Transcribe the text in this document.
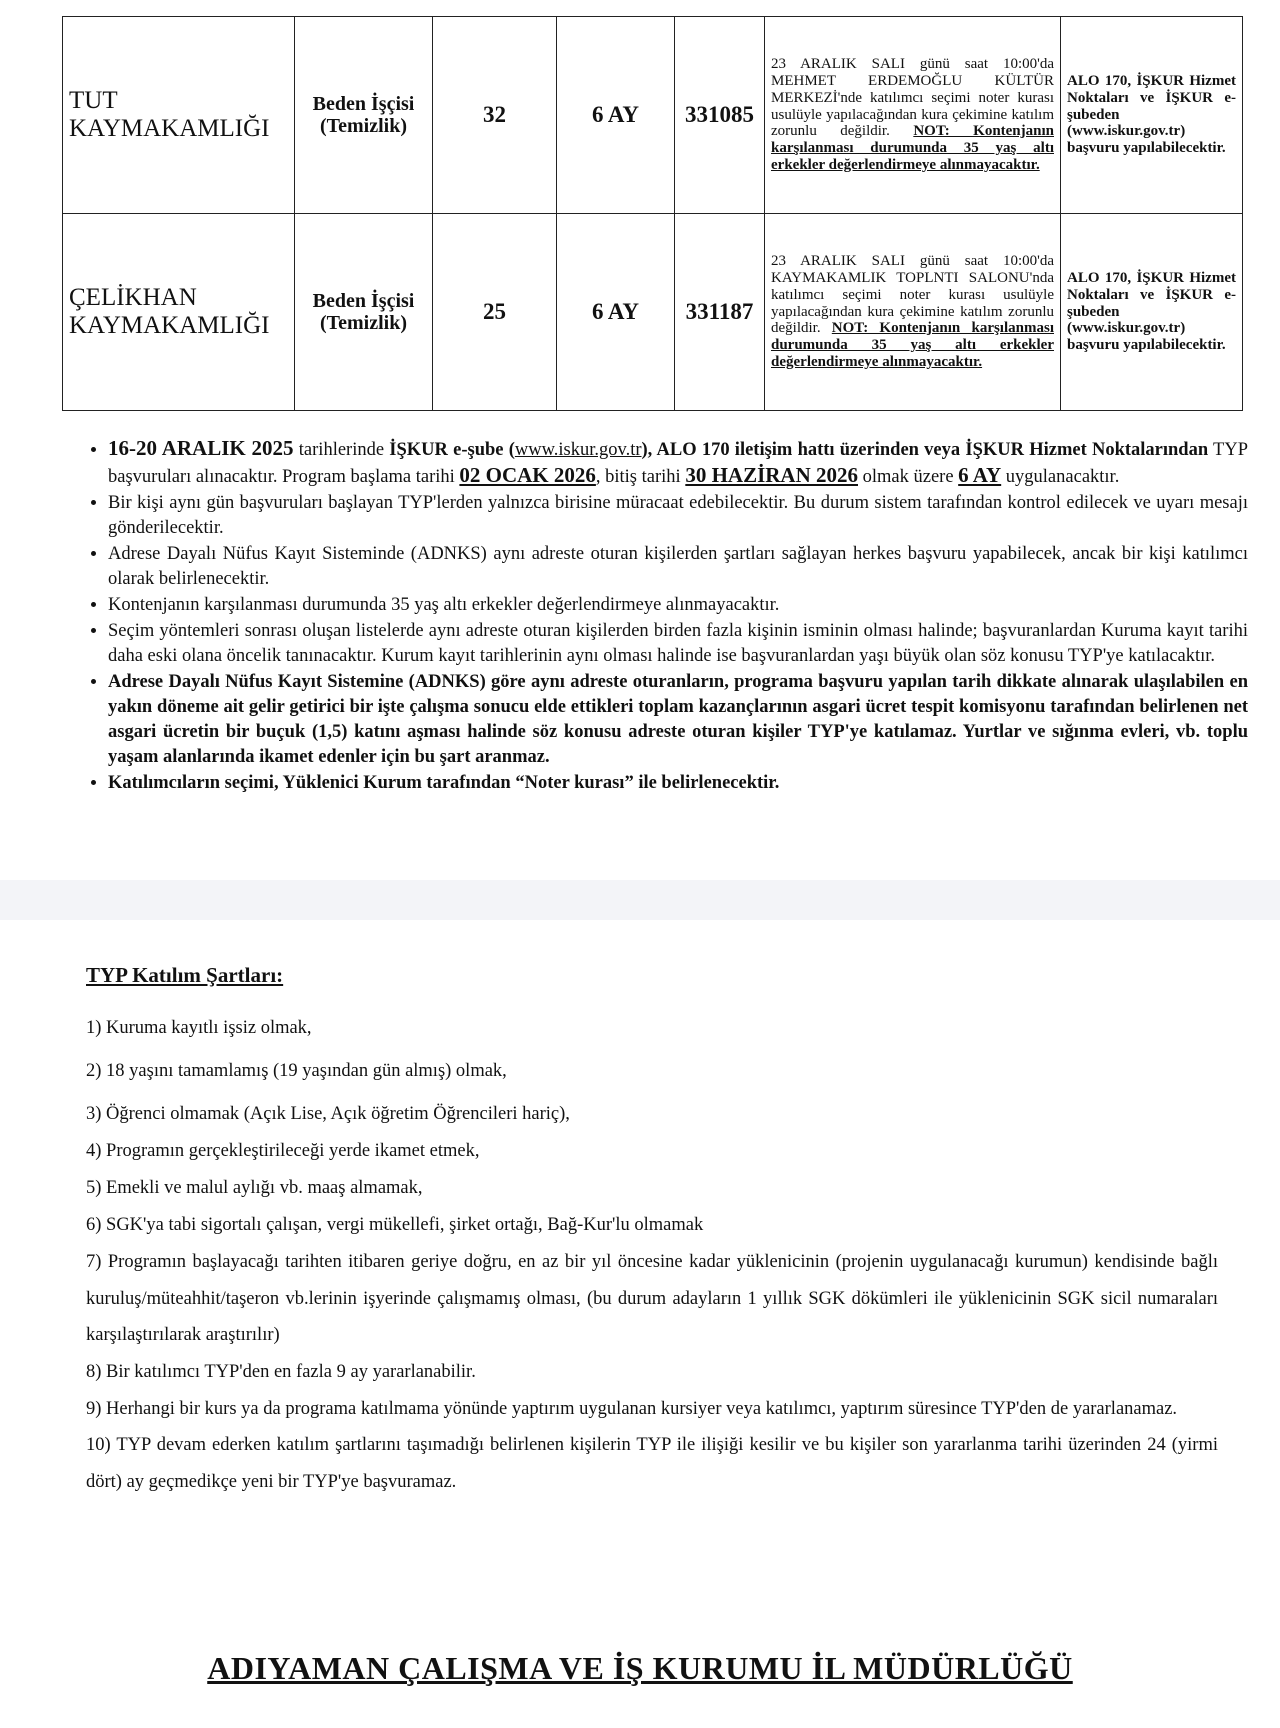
TUT KAYMAKAMLIĞI	Beden İşçisi (Temizlik)	32	6 AY	331085	23 ARALIK SALI günü saat 10:00'da MEHMET ERDEMOĞLU KÜLTÜR MERKEZİ'nde katılımcı seçimi noter kurası usulüyle yapılacağından kura çekimine katılım zorunlu değildir. NOT: Kontenjanın karşılanması durumunda 35 yaş altı erkekler değerlendirmeye alınmayacaktır.	ALO 170, İŞKUR Hizmet Noktaları ve İŞKUR e-şubeden (www.iskur.gov.tr) başvuru yapılabilecektir.
ÇELİKHAN KAYMAKAMLIĞI	Beden İşçisi (Temizlik)	25	6 AY	331187	23 ARALIK SALI günü saat 10:00'da KAYMAKAMLIK TOPLNTI SALONU'nda katılımcı seçimi noter kurası usulüyle yapılacağından kura çekimine katılım zorunlu değildir. NOT: Kontenjanın karşılanması durumunda 35 yaş altı erkekler değerlendirmeye alınmayacaktır.	ALO 170, İŞKUR Hizmet Noktaları ve İŞKUR e-şubeden (www.iskur.gov.tr) başvuru yapılabilecektir.
• 16-20 ARALIK 2025 tarihlerinde İŞKUR e-şube (www.iskur.gov.tr), ALO 170 iletişim hattı üzerinden veya İŞKUR Hizmet Noktalarından TYP başvuruları alınacaktır. Program başlama tarihi 02 OCAK 2026, bitiş tarihi 30 HAZİRAN 2026 olmak üzere 6 AY uygulanacaktır.
• Bir kişi aynı gün başvuruları başlayan TYP'lerden yalnızca birisine müracaat edebilecektir. Bu durum sistem tarafından kontrol edilecek ve uyarı mesajı gönderilecektir.
• Adrese Dayalı Nüfus Kayıt Sisteminde (ADNKS) aynı adreste oturan kişilerden şartları sağlayan herkes başvuru yapabilecek, ancak bir kişi katılımcı olarak belirlenecektir.
• Kontenjanın karşılanması durumunda 35 yaş altı erkekler değerlendirmeye alınmayacaktır.
• Seçim yöntemleri sonrası oluşan listelerde aynı adreste oturan kişilerden birden fazla kişinin isminin olması halinde; başvuranlardan Kuruma kayıt tarihi daha eski olana öncelik tanınacaktır. Kurum kayıt tarihlerinin aynı olması halinde ise başvuranlardan yaşı büyük olan söz konusu TYP'ye katılacaktır.
• Adrese Dayalı Nüfus Kayıt Sistemine (ADNKS) göre aynı adreste oturanların, programa başvuru yapılan tarih dikkate alınarak ulaşılabilen en yakın döneme ait gelir getirici bir işte çalışma sonucu elde ettikleri toplam kazançlarının asgari ücret tespit komisyonu tarafından belirlenen net asgari ücretin bir buçuk (1,5) katını aşması halinde söz konusu adreste oturan kişiler TYP'ye katılamaz. Yurtlar ve sığınma evleri, vb. toplu yaşam alanlarında ikamet edenler için bu şart aranmaz.
• Katılımcıların seçimi, Yüklenici Kurum tarafından “Noter kurası” ile belirlenecektir.
TYP Katılım Şartları:

1) Kuruma kayıtlı işsiz olmak,

2) 18 yaşını tamamlamış (19 yaşından gün almış) olmak,

3) Öğrenci olmamak (Açık Lise, Açık öğretim Öğrencileri hariç),

4) Programın gerçekleştirileceği yerde ikamet etmek,

5) Emekli ve malul aylığı vb. maaş almamak,

6) SGK'ya tabi sigortalı çalışan, vergi mükellefi, şirket ortağı, Bağ-Kur'lu olmamak

7) Programın başlayacağı tarihten itibaren geriye doğru, en az bir yıl öncesine kadar yüklenicinin (projenin uygulanacağı kurumun) kendisinde bağlı kuruluş/müteahhit/taşeron vb.lerinin işyerinde çalışmamış olması, (bu durum adayların 1 yıllık SGK dökümleri ile yüklenicinin SGK sicil numaraları karşılaştırılarak araştırılır)

8) Bir katılımcı TYP'den en fazla 9 ay yararlanabilir.

9) Herhangi bir kurs ya da programa katılmama yönünde yaptırım uygulanan kursiyer veya katılımcı, yaptırım süresince TYP'den de yararlanamaz.

10) TYP devam ederken katılım şartlarını taşımadığı belirlenen kişilerin TYP ile ilişiği kesilir ve bu kişiler son yararlanma tarihi üzerinden 24 (yirmi dört) ay geçmedikçe yeni bir TYP'ye başvuramaz.

ADIYAMAN ÇALIŞMA VE İŞ KURUMU İL MÜDÜRLÜĞÜ
